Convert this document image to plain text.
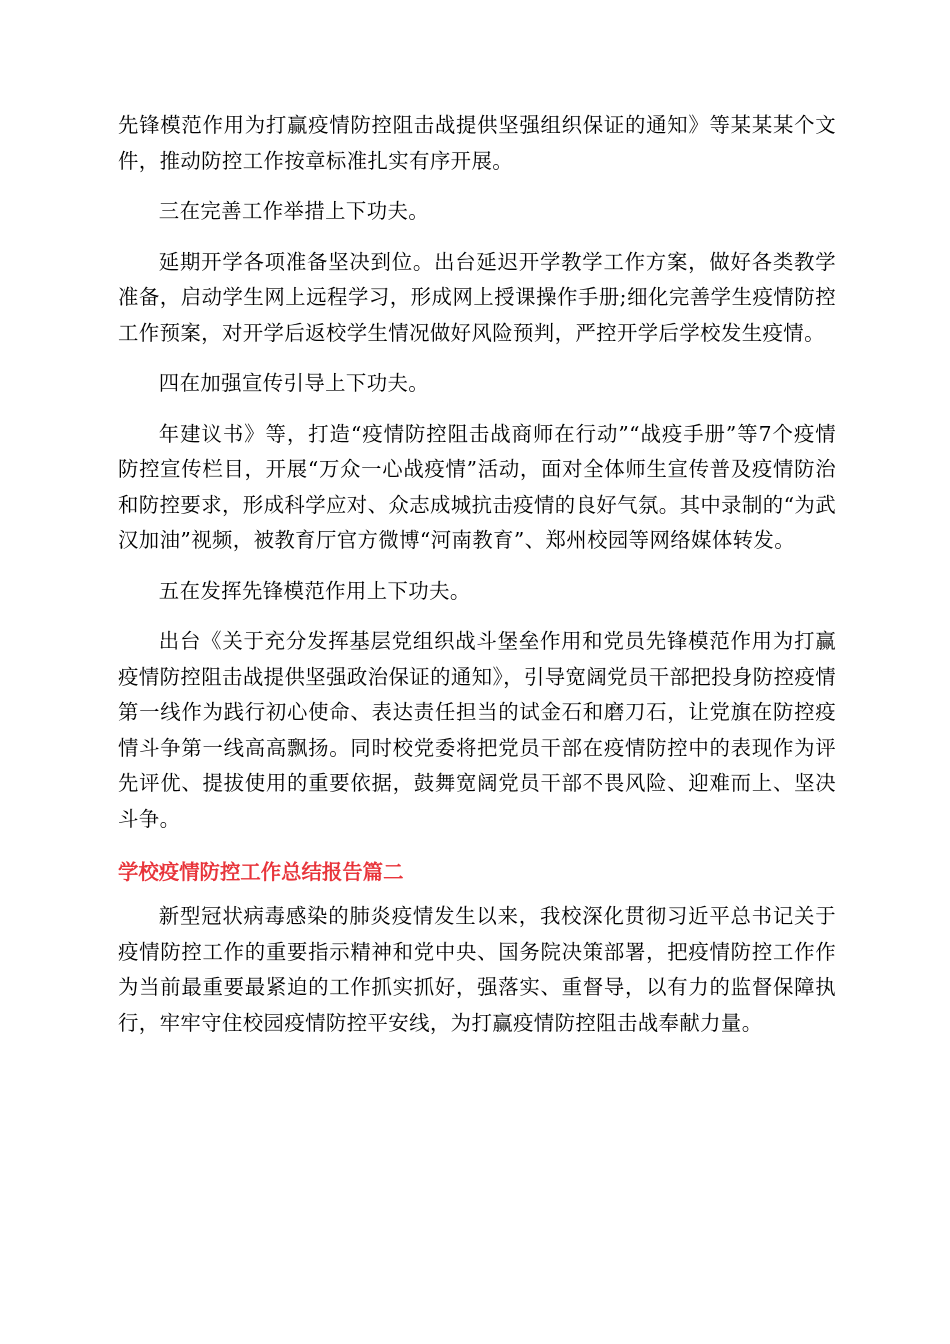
先锋模范作用为打赢疫情防控阻击战提供坚强组织保证的通知》等某某某个文件，推动防控工作按章标准扎实有序开展。

三在完善工作举措上下功夫。

延期开学各项准备坚决到位。出台延迟开学教学工作方案，做好各类教学准备，启动学生网上远程学习，形成网上授课操作手册;细化完善学生疫情防控工作预案，对开学后返校学生情况做好风险预判，严控开学后学校发生疫情。

四在加强宣传引导上下功夫。

年建议书》等，打造“疫情防控阻击战商师在行动”“战疫手册”等7个疫情防控宣传栏目，开展“万众一心战疫情”活动，面对全体师生宣传普及疫情防治和防控要求，形成科学应对、众志成城抗击疫情的良好气氛。其中录制的“为武汉加油”视频，被教育厅官方微博“河南教育”、郑州校园等网络媒体转发。

五在发挥先锋模范作用上下功夫。

出台《关于充分发挥基层党组织战斗堡垒作用和党员先锋模范作用为打赢疫情防控阻击战提供坚强政治保证的通知》，引导宽阔党员干部把投身防控疫情第一线作为践行初心使命、表达责任担当的试金石和磨刀石，让党旗在防控疫情斗争第一线高高飘扬。同时校党委将把党员干部在疫情防控中的表现作为评先评优、提拔使用的重要依据，鼓舞宽阔党员干部不畏风险、迎难而上、坚决斗争。

学校疫情防控工作总结报告篇二

新型冠状病毒感染的肺炎疫情发生以来，我校深化贯彻习近平总书记关于疫情防控工作的重要指示精神和党中央、国务院决策部署，把疫情防控工作作为当前最重要最紧迫的工作抓实抓好，强落实、重督导，以有力的监督保障执行，牢牢守住校园疫情防控平安线，为打赢疫情防控阻击战奉献力量。
